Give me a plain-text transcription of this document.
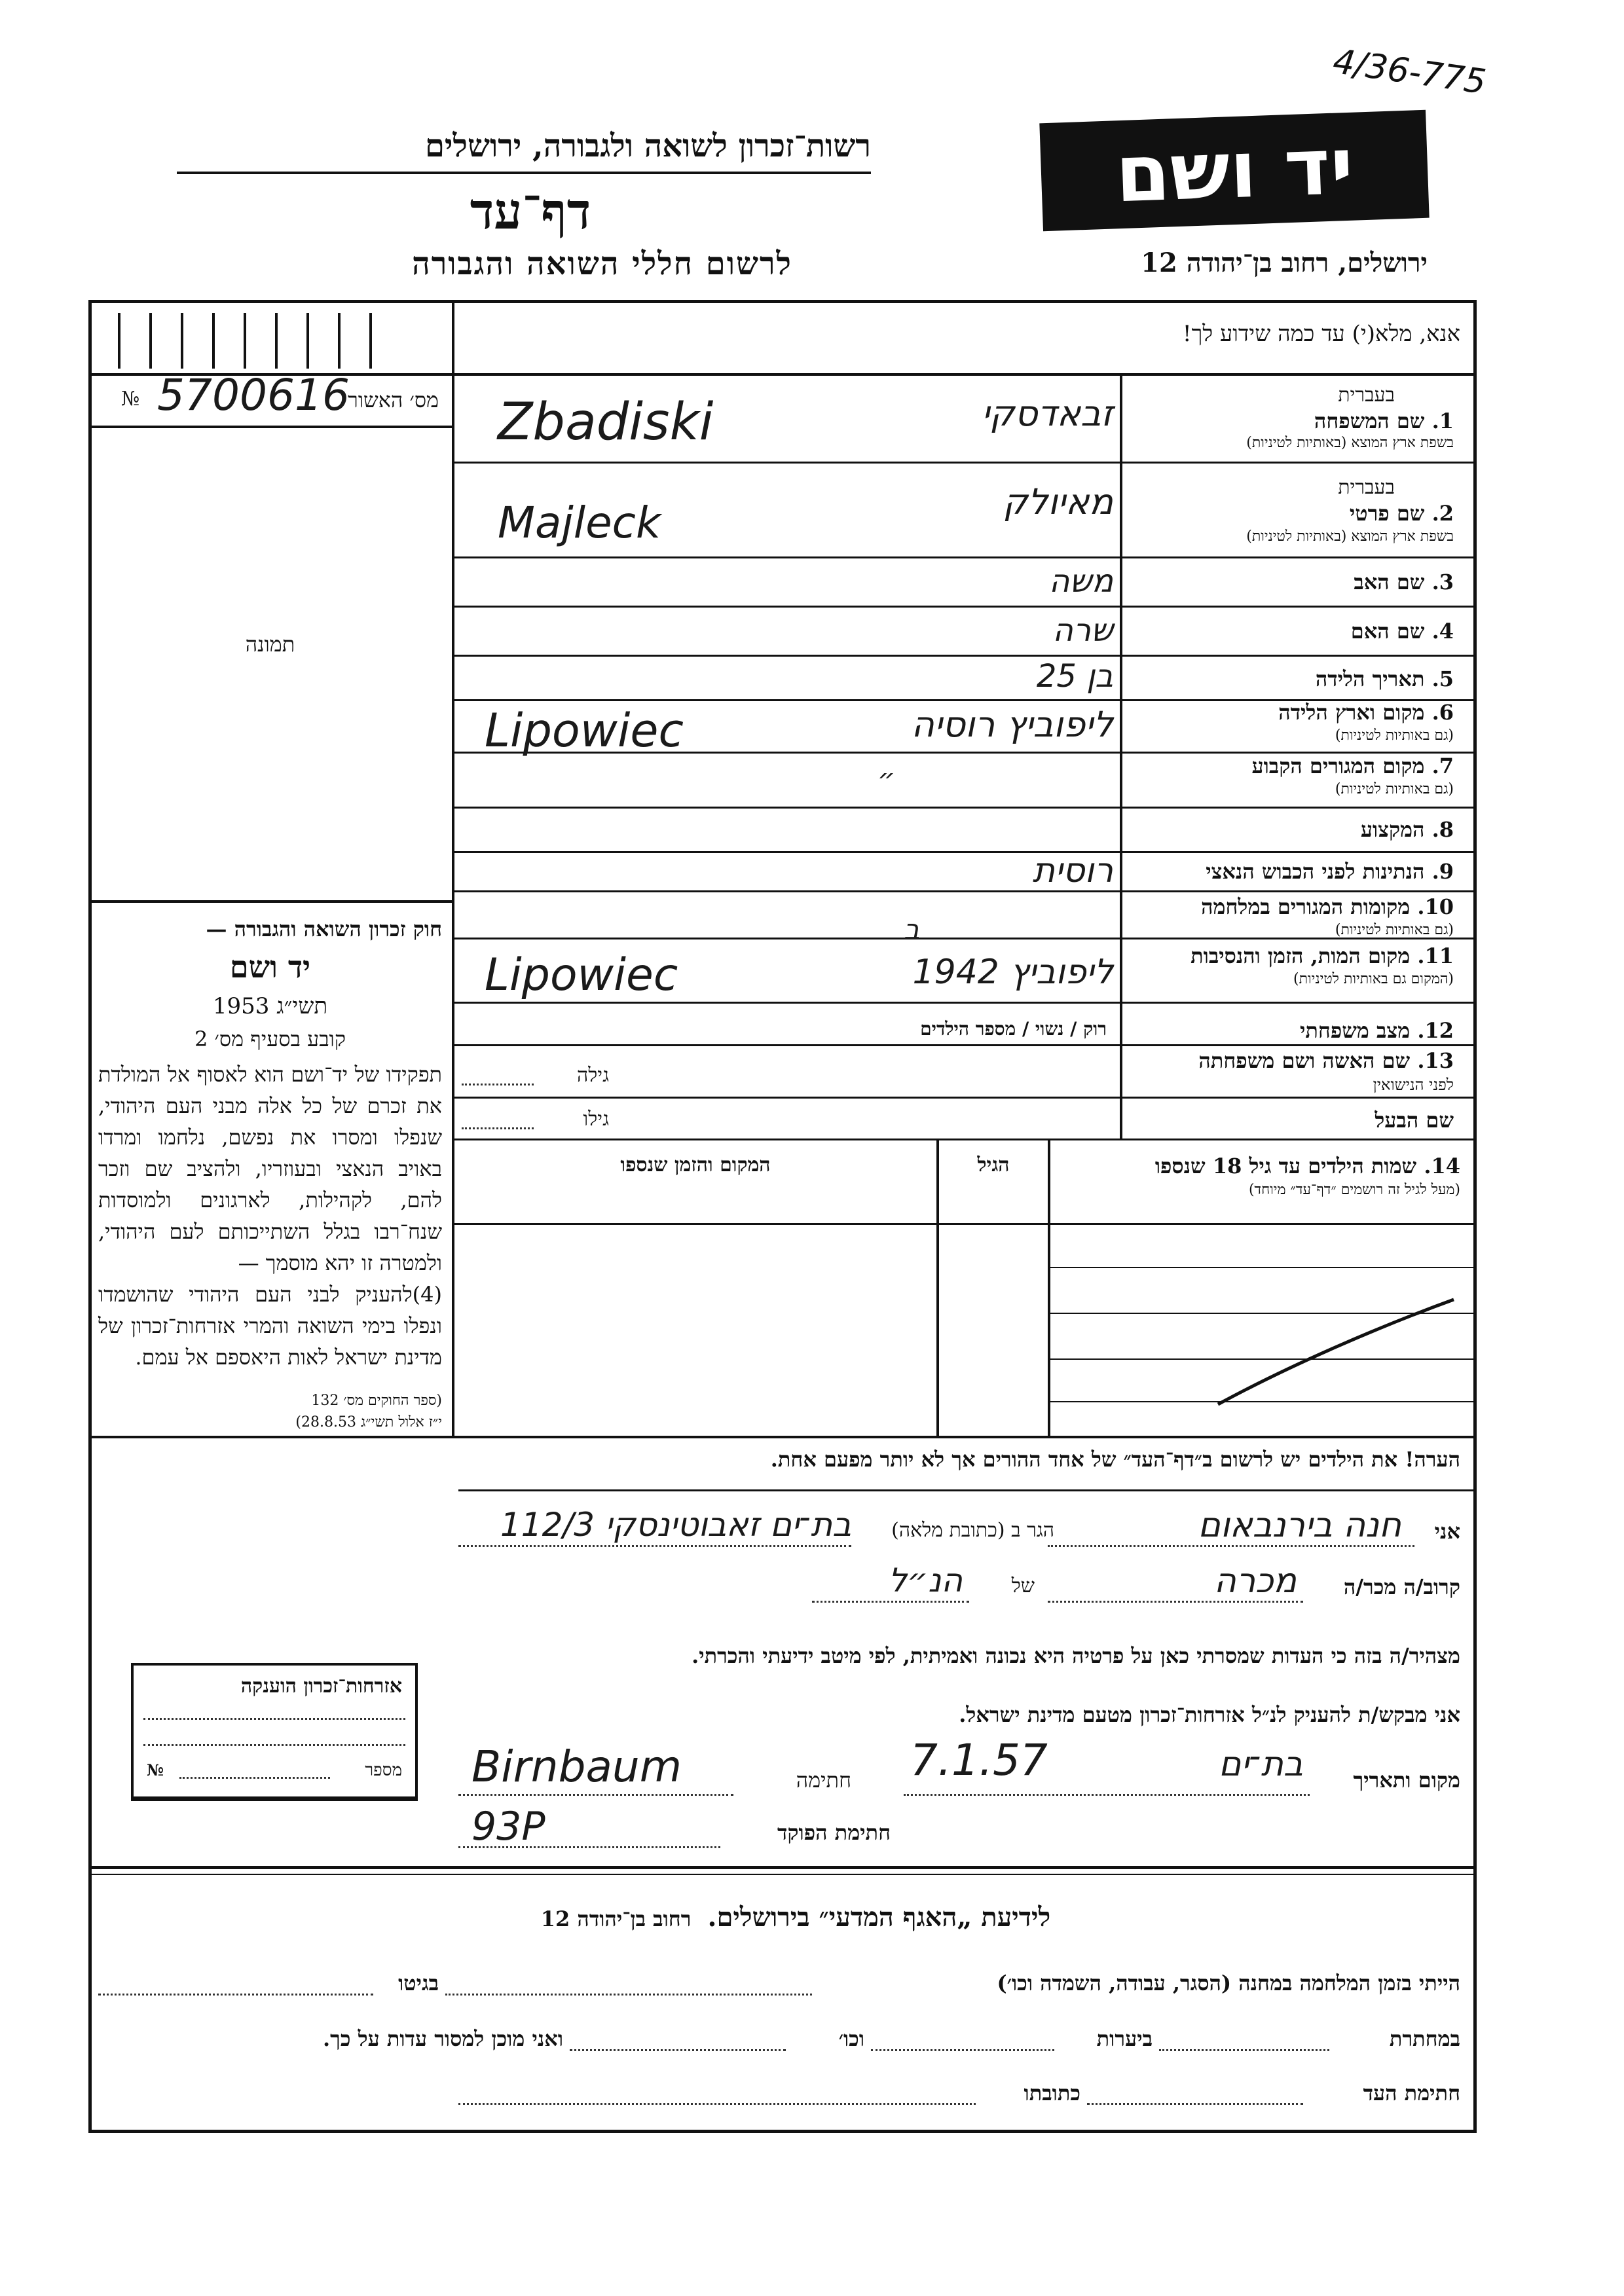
4/36-775
רשות־זכרון לשואה ולגבורה, ירושלים
דף־עד
לרשום חללי השואה והגבורה
יד ושם
ירושלים, רחוב בן־יהודה 12
№ 5700616
מס׳ האשור
תמונה
חוק זכרון השואה והגבורה —
יד ושם
תשי״ג 1953
קובע בסעיף מס׳ 2
תפקידו של יד־ושם הוא לאסוף אל המולדת את זכרם של כל אלה מבני העם היהודי, שנפלו ומסרו את נפשם, נלחמו ומרדו באויב הנאצי ובעוזריו, ולהציב שם וזכר להם, לקהילות, לארגונים ולמוסדות שנח־רבו בגלל השתייכותם לעם היהודי, ולמטרה זו יהא מוסמך —
(4)להעניק לבני העם היהודי שהושמדו ונפלו בימי השואה והמרי אזרחות־זכרון של מדינת ישראל לאות היאספם אל עמם.
(ספר החוקים מס׳ 132
י״ז אלול תשי״ג 28.8.53)
אנא, מלא(י) עד כמה שידוע לך!
בעברית
1. שם המשפחה
בשפת ארץ המוצא (באותיות לטיניות)
Zbadiski	זבאדסקי
בעברית
2. שם פרטי
בשפת ארץ המוצא (באותיות לטיניות)
Majleck	מאיולק
3. שם האב
משה
4. שם האם
שרה
5. תאריך הלידה
בן 25
6. מקום וארץ הלידה
(גם באותיות לטיניות)
Lipowiec	ליפוביץ רוסיה
7. מקום המגורים הקבוע
(גם באותיות לטיניות)
״
8. המקצוע
9. הנתינות לפני הכבוש הנאצי
רוסית
10. מקומות המגורים במלחמה
(גם באותיות לטיניות)
ב
11. מקום המות, הזמן והנסיבות
(המקום גם באותיות לטיניות)
Lipowiec	ליפוביץ 1942
12. מצב משפחתי
רוק / נשוי / מספר הילדים
13. שם האשה ושם משפחתה
לפני הנישואין
גילה
שם הבעל
גילו
14. שמות הילדים עד גיל 18 שנספו
(מעל לגיל זה רושמים ״דף־עד״ מיוחד)
הגיל
המקום והזמן שנספו
הערה! את הילדים יש לרשום ב״דף־העד״ של אחד ההורים אך לא יותר מפעם אחת.
אני
חנה בירנבאום
הגר ב (כתובת מלאה)
בת־ים זאבוטינסקי 112/3
קרוב/ה מכר/ה
מכרה
של
הנ״ל
מצהיר/ה בזה כי העדות שמסרתי כאן על פרטיה היא נכונה ואמיתית, לפי מיטב ידיעתי והכרתי.
אני מבקש/ת להעניק לנ״ל אזרחות־זכרון מטעם מדינת ישראל.
מקום ותאריך
בת־ים
7.1.57
חתימה
Birnbaum
חתימת הפוקד
93P
אזרחות־זכרון הוענקה
№	מספר
לידיעת „האגף המדעי״ בירושלים. רחוב בן־יהודה 12
הייתי בזמן המלחמה במחנה (הסגר, עבודה, השמדה וכו׳)
בגיטו
במחתרת
ביערות
וכו׳
ואני מוכן למסור עדות על כך.
חתימת העד
כתובתו
